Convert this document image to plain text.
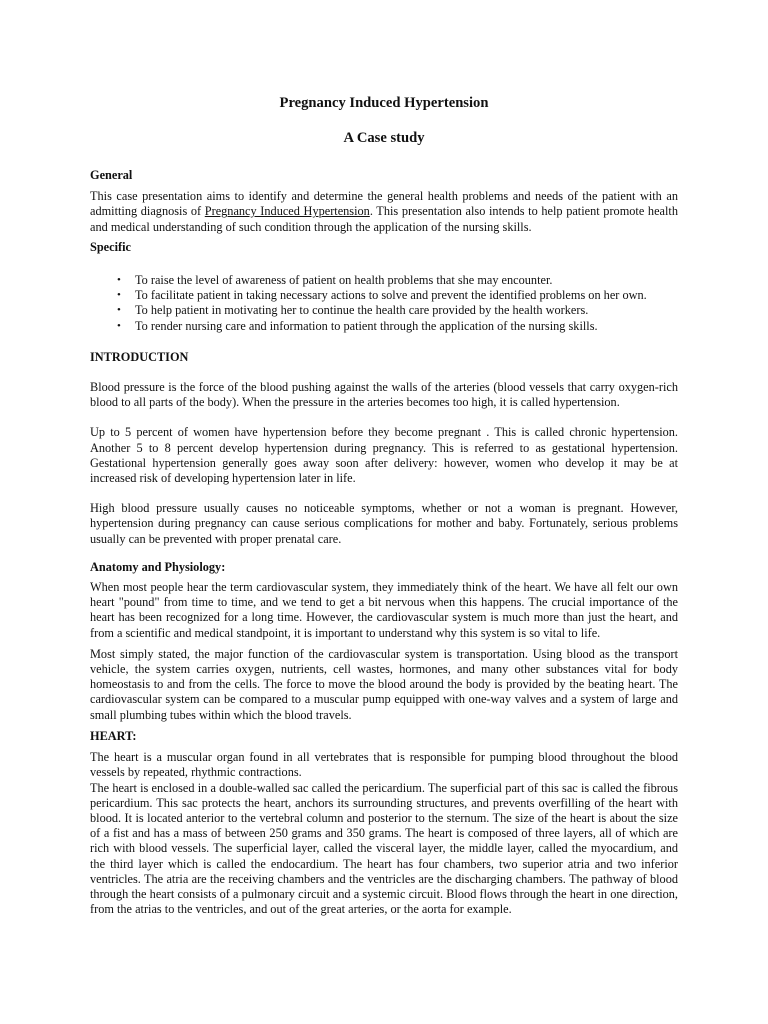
Pregnancy Induced Hypertension
A Case study
General

This case presentation aims to identify and determine the general health problems and needs of the patient with an admitting diagnosis of Pregnancy Induced Hypertension. This presentation also intends to help patient promote health and medical understanding of such condition through the application of the nursing skills.

Specific
• To raise the level of awareness of patient on health problems that she may encounter.
• To facilitate patient in taking necessary actions to solve and prevent the identified problems on her own.
• To help patient in motivating her to continue the health care provided by the health workers.
• To render nursing care and information to patient through the application of the nursing skills.
INTRODUCTION

Blood pressure is the force of the blood pushing against the walls of the arteries (blood vessels that carry oxygen-rich blood to all parts of the body). When the pressure in the arteries becomes too high, it is called hypertension.

Up to 5 percent of women have hypertension before they become pregnant . This is called chronic hypertension. Another 5 to 8 percent develop hypertension during pregnancy. This is referred to as gestational hypertension. Gestational hypertension generally goes away soon after delivery: however, women who develop it may be at increased risk of developing hypertension later in life.

High blood pressure usually causes no noticeable symptoms, whether or not a woman is pregnant. However, hypertension during pregnancy can cause serious complications for mother and baby. Fortunately, serious problems usually can be prevented with proper prenatal care.

Anatomy and Physiology:

When most people hear the term cardiovascular system, they immediately think of the heart. We have all felt our own heart "pound" from time to time, and we tend to get a bit nervous when this happens. The crucial importance of the heart has been recognized for a long time. However, the cardiovascular system is much more than just the heart, and from a scientific and medical standpoint, it is important to understand why this system is so vital to life.

Most simply stated, the major function of the cardiovascular system is transportation. Using blood as the transport vehicle, the system carries oxygen, nutrients, cell wastes, hormones, and many other substances vital for body homeostasis to and from the cells. The force to move the blood around the body is provided by the beating heart. The cardiovascular system can be compared to a muscular pump equipped with one-way valves and a system of large and small plumbing tubes within which the blood travels.

HEART:

The heart is a muscular organ found in all vertebrates that is responsible for pumping blood throughout the blood vessels by repeated, rhythmic contractions.

The heart is enclosed in a double-walled sac called the pericardium. The superficial part of this sac is called the fibrous pericardium. This sac protects the heart, anchors its surrounding structures, and prevents overfilling of the heart with blood. It is located anterior to the vertebral column and posterior to the sternum. The size of the heart is about the size of a fist and has a mass of between 250 grams and 350 grams. The heart is composed of three layers, all of which are rich with blood vessels. The superficial layer, called the visceral layer, the middle layer, called the myocardium, and the third layer which is called the endocardium. The heart has four chambers, two superior atria and two inferior ventricles. The atria are the receiving chambers and the ventricles are the discharging chambers. The pathway of blood through the heart consists of a pulmonary circuit and a systemic circuit. Blood flows through the heart in one direction, from the atrias to the ventricles, and out of the great arteries, or the aorta for example.
